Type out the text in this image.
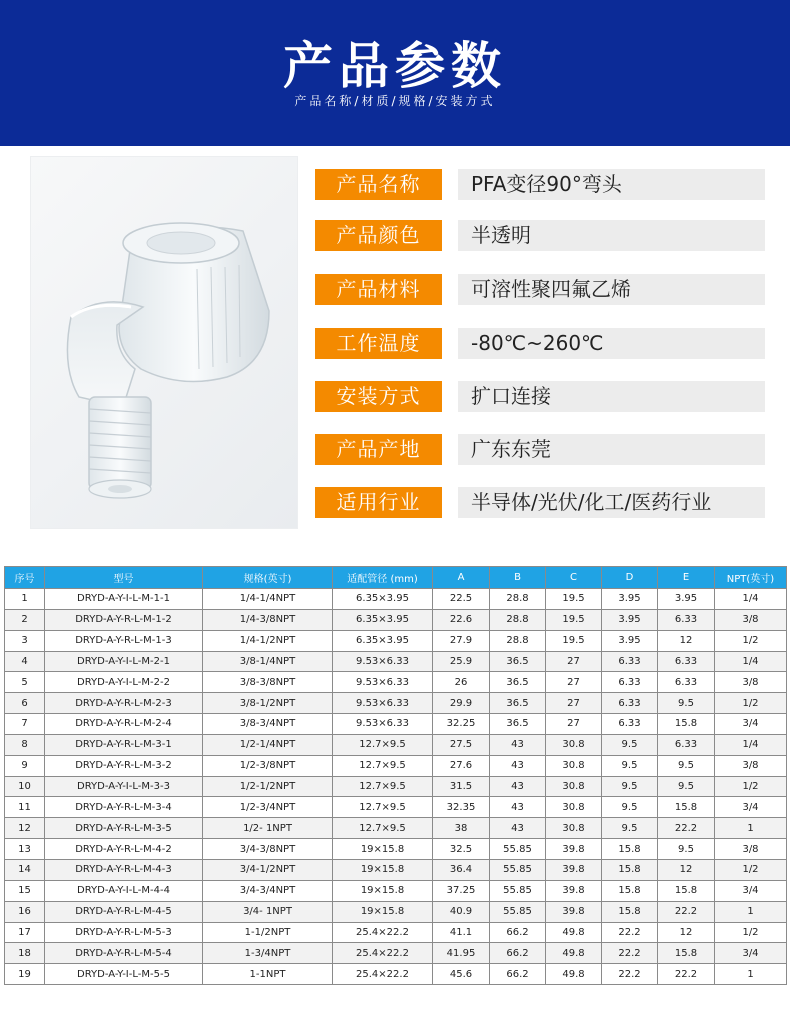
产品参数
产品名称/材质/规格/安装方式
产品名称	PFA变径90°弯头
产品颜色	半透明
产品材料	可溶性聚四氟乙烯
工作温度	-80℃~260℃
安装方式	扩口连接
产品产地	广东东莞
适用行业	半导体/光伏/化工/医药行业
序号	型号	规格(英寸)	适配管径 (mm)	A	B	C	D	E	NPT(英寸)
1	DRYD-A-Y-I-L-M-1-1	1/4-1/4NPT	6.35×3.95	22.5	28.8	19.5	3.95	3.95	1/4
2	DRYD-A-Y-R-L-M-1-2	1/4-3/8NPT	6.35×3.95	22.6	28.8	19.5	3.95	6.33	3/8
3	DRYD-A-Y-R-L-M-1-3	1/4-1/2NPT	6.35×3.95	27.9	28.8	19.5	3.95	12	1/2
4	DRYD-A-Y-I-L-M-2-1	3/8-1/4NPT	9.53×6.33	25.9	36.5	27	6.33	6.33	1/4
5	DRYD-A-Y-I-L-M-2-2	3/8-3/8NPT	9.53×6.33	26	36.5	27	6.33	6.33	3/8
6	DRYD-A-Y-R-L-M-2-3	3/8-1/2NPT	9.53×6.33	29.9	36.5	27	6.33	9.5	1/2
7	DRYD-A-Y-R-L-M-2-4	3/8-3/4NPT	9.53×6.33	32.25	36.5	27	6.33	15.8	3/4
8	DRYD-A-Y-R-L-M-3-1	1/2-1/4NPT	12.7×9.5	27.5	43	30.8	9.5	6.33	1/4
9	DRYD-A-Y-R-L-M-3-2	1/2-3/8NPT	12.7×9.5	27.6	43	30.8	9.5	9.5	3/8
10	DRYD-A-Y-I-L-M-3-3	1/2-1/2NPT	12.7×9.5	31.5	43	30.8	9.5	9.5	1/2
11	DRYD-A-Y-R-L-M-3-4	1/2-3/4NPT	12.7×9.5	32.35	43	30.8	9.5	15.8	3/4
12	DRYD-A-Y-R-L-M-3-5	1/2- 1NPT	12.7×9.5	38	43	30.8	9.5	22.2	1
13	DRYD-A-Y-R-L-M-4-2	3/4-3/8NPT	19×15.8	32.5	55.85	39.8	15.8	9.5	3/8
14	DRYD-A-Y-R-L-M-4-3	3/4-1/2NPT	19×15.8	36.4	55.85	39.8	15.8	12	1/2
15	DRYD-A-Y-I-L-M-4-4	3/4-3/4NPT	19×15.8	37.25	55.85	39.8	15.8	15.8	3/4
16	DRYD-A-Y-R-L-M-4-5	3/4- 1NPT	19×15.8	40.9	55.85	39.8	15.8	22.2	1
17	DRYD-A-Y-R-L-M-5-3	1-1/2NPT	25.4×22.2	41.1	66.2	49.8	22.2	12	1/2
18	DRYD-A-Y-R-L-M-5-4	1-3/4NPT	25.4×22.2	41.95	66.2	49.8	22.2	15.8	3/4
19	DRYD-A-Y-I-L-M-5-5	1-1NPT	25.4×22.2	45.6	66.2	49.8	22.2	22.2	1
